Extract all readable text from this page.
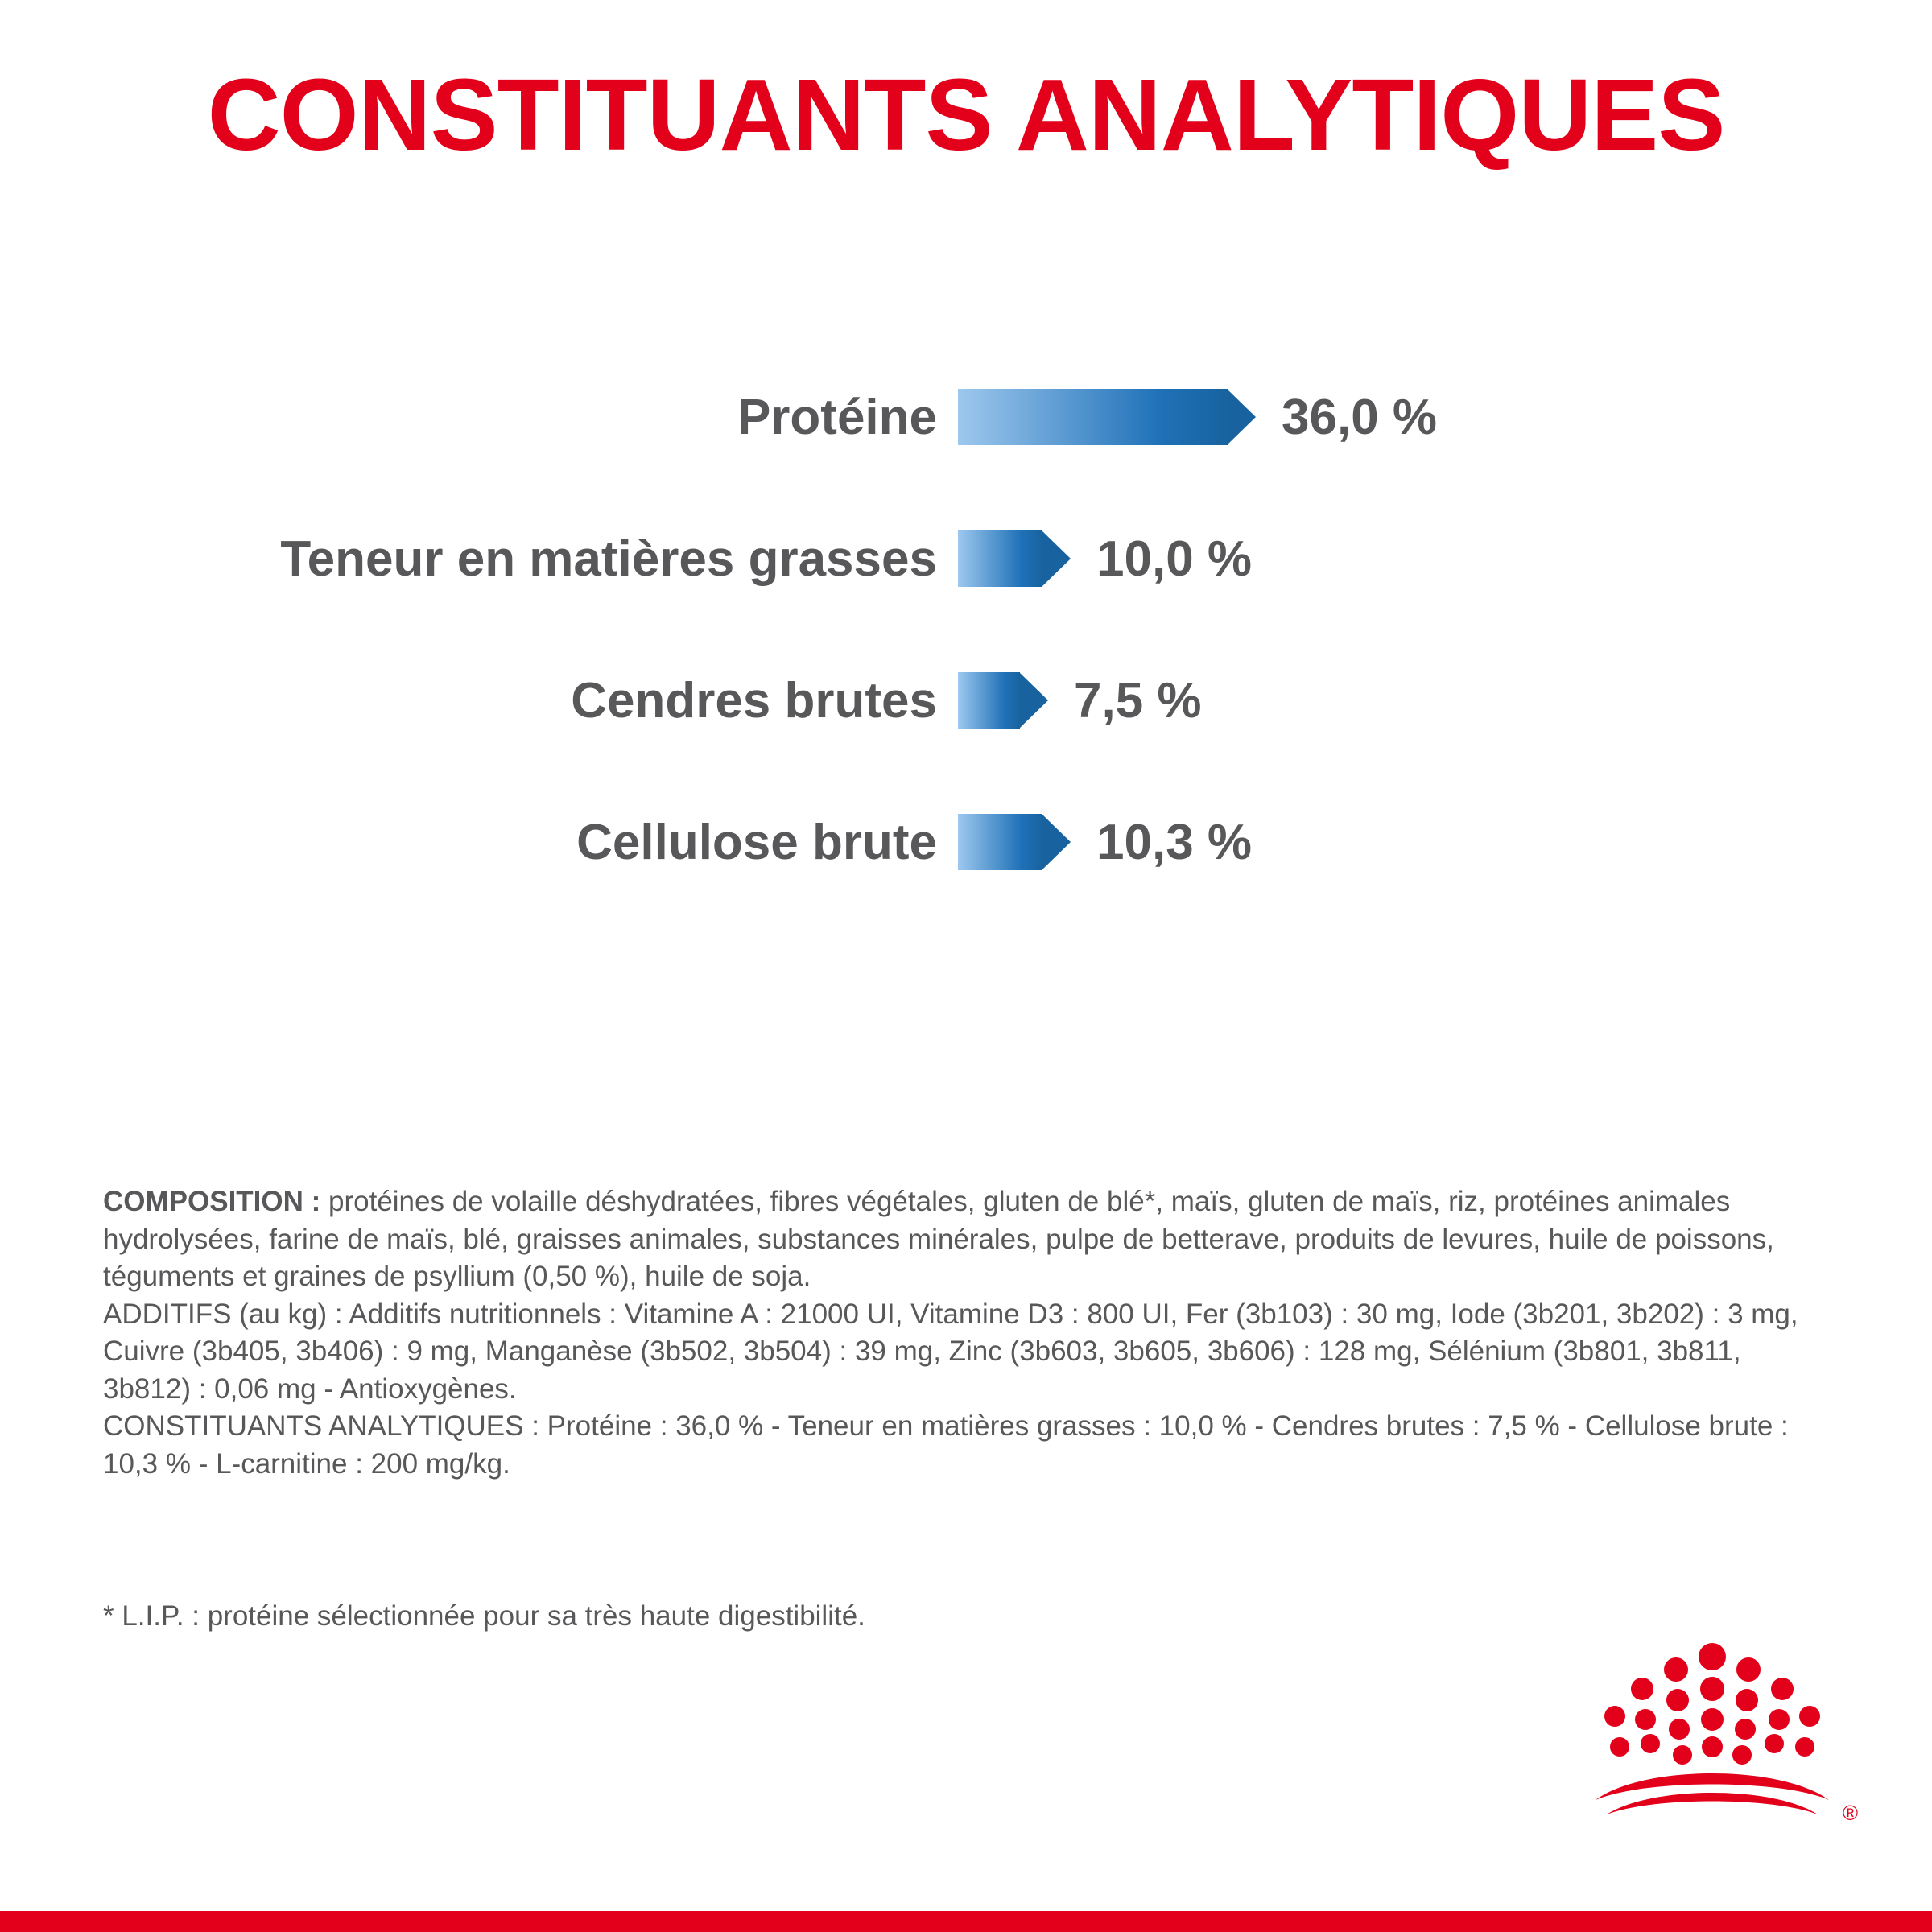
CONSTITUANTS ANALYTIQUES
Protéine	36,0 %
Teneur en matières grasses	10,0 %
Cendres brutes	7,5 %
Cellulose brute	10,3 %

COMPOSITION : protéines de volaille déshydratées, fibres végétales, gluten de blé*, maïs, gluten de maïs, riz, protéines animales hydrolysées, farine de maïs, blé, graisses animales, substances minérales, pulpe de betterave, produits de levures, huile de poissons, téguments et graines de psyllium (0,50 %), huile de soja.

ADDITIFS (au kg) : Additifs nutritionnels : Vitamine A : 21000 UI, Vitamine D3 : 800 UI, Fer (3b103) : 30 mg, Iode (3b201, 3b202) : 3 mg, Cuivre (3b405, 3b406) : 9 mg, Manganèse (3b502, 3b504) : 39 mg, Zinc (3b603, 3b605, 3b606) : 128 mg, Sélénium (3b801, 3b811, 3b812) : 0,06 mg - Antioxygènes.

CONSTITUANTS ANALYTIQUES : Protéine : 36,0 % - Teneur en matières grasses : 10,0 % - Cendres brutes : 7,5 % - Cellulose brute : 10,3 % - L-carnitine : 200 mg/kg.

* L.I.P. : protéine sélectionnée pour sa très haute digestibilité.
®
